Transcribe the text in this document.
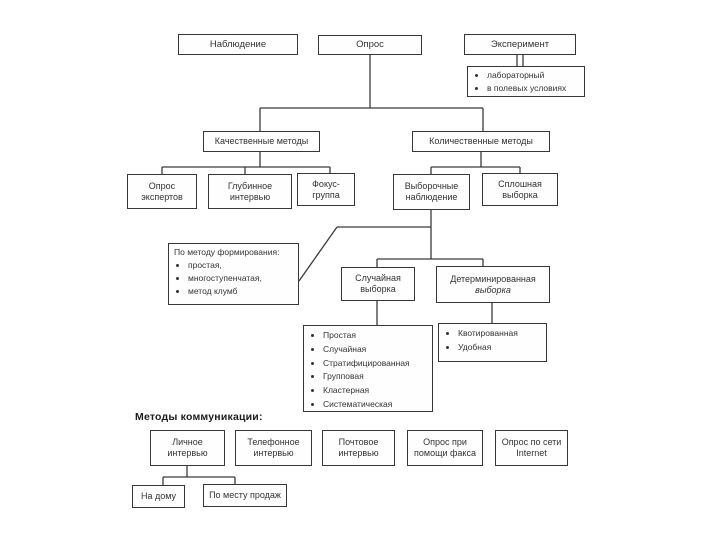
Наблюдение	Опрос	Эксперимент
• лабораторный
• в полевых условиях
Качественные методы	Количественные методы
Опрос экспертов
Глубинное интервью
Фокус-группа
Выборочные наблюдение
Сплошная выборка
По методу формирования:
• простая,
• многоступенчатая,
• метод клумб
Случайная выборка
Детерминированная
выборка
• Простая
• Случайная
• Стратифицированная
• Групповая
• Кластерная
• Систематическая
• Квотированная
• Удобная
Методы коммуникации:
Личное интервью
Телефонное интервью
Почтовое интервью
Опрос при помощи факса
Опрос по сети Internet
На дому	По месту продаж
